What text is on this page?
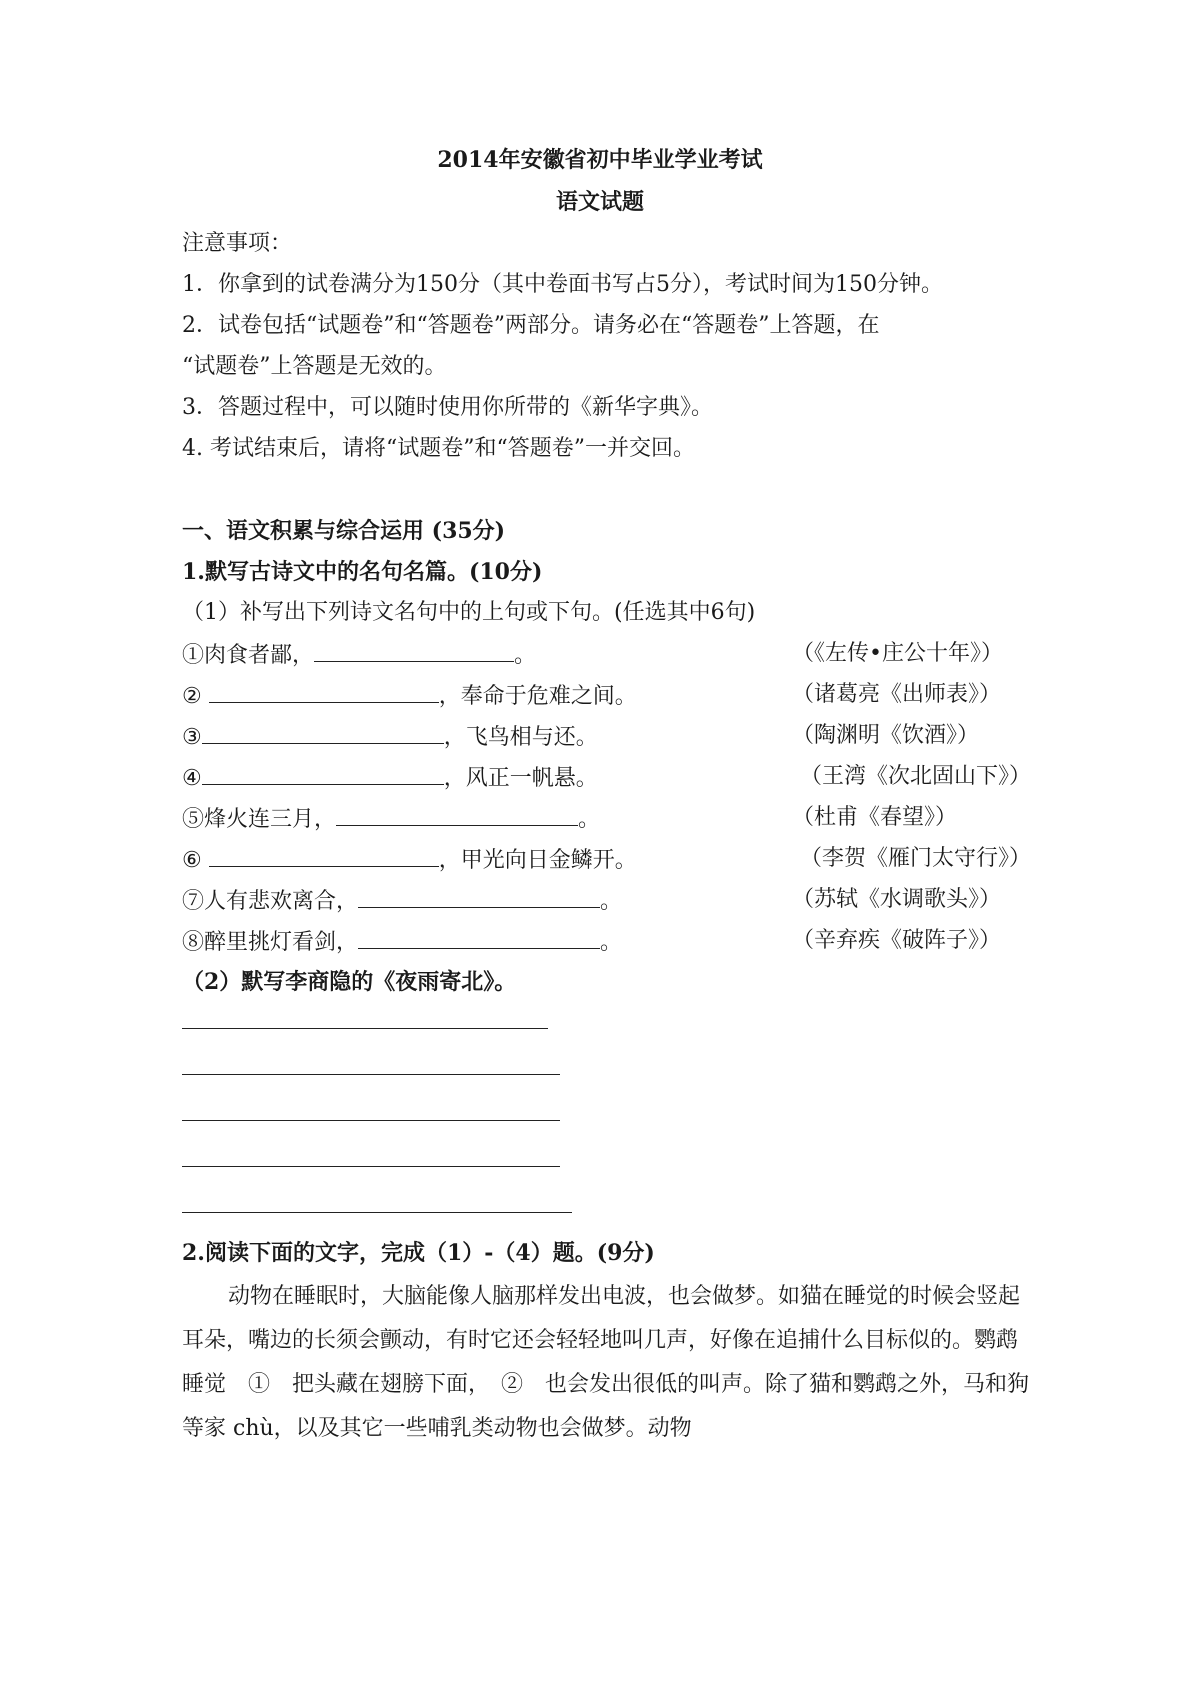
2014年安徽省初中毕业学业考试
语文试题
注意事项：
1．你拿到的试卷满分为150分（其中卷面书写占5分），考试时间为150分钟。
2．试卷包括“试题卷”和“答题卷”两部分。请务必在“答题卷”上答题，在
“试题卷”上答题是无效的。
3．答题过程中，可以随时使用你所带的《新华字典》。
4. 考试结束后，请将“试题卷”和“答题卷”一并交回。
一、语文积累与综合运用 (35分)
1.默写古诗文中的名句名篇。(10分)
（1）补写出下列诗文名句中的上句或下句。(任选其中6句)
①肉食者鄙，	。	（《左传•庄公十年》）
②	，奉命于危难之间。	（诸葛亮《出师表》）
③	，飞鸟相与还。	（陶渊明《饮酒》）
④	，风正一帆悬。	（王湾《次北固山下》）
⑤烽火连三月，	。	（杜甫《春望》）
⑥	，甲光向日金鳞开。	（李贺《雁门太守行》）
⑦人有悲欢离合，	。	（苏轼《水调歌头》）
⑧醉里挑灯看剑，	。	（辛弃疾《破阵子》）
（2）默写李商隐的《夜雨寄北》。
2.阅读下面的文字，完成（1）-（4）题。(9分)
动物在睡眠时，大脑能像人脑那样发出电波，也会做梦。如猫在睡觉的时候会竖起耳朵，嘴边的长须会颤动，有时它还会轻轻地叫几声，好像在追捕什么目标似的。鹦鹉睡觉　①　把头藏在翅膀下面，　②　也会发出很低的叫声。除了猫和鹦鹉之外，马和狗等家 chù，以及其它一些哺乳类动物也会做梦。动物
